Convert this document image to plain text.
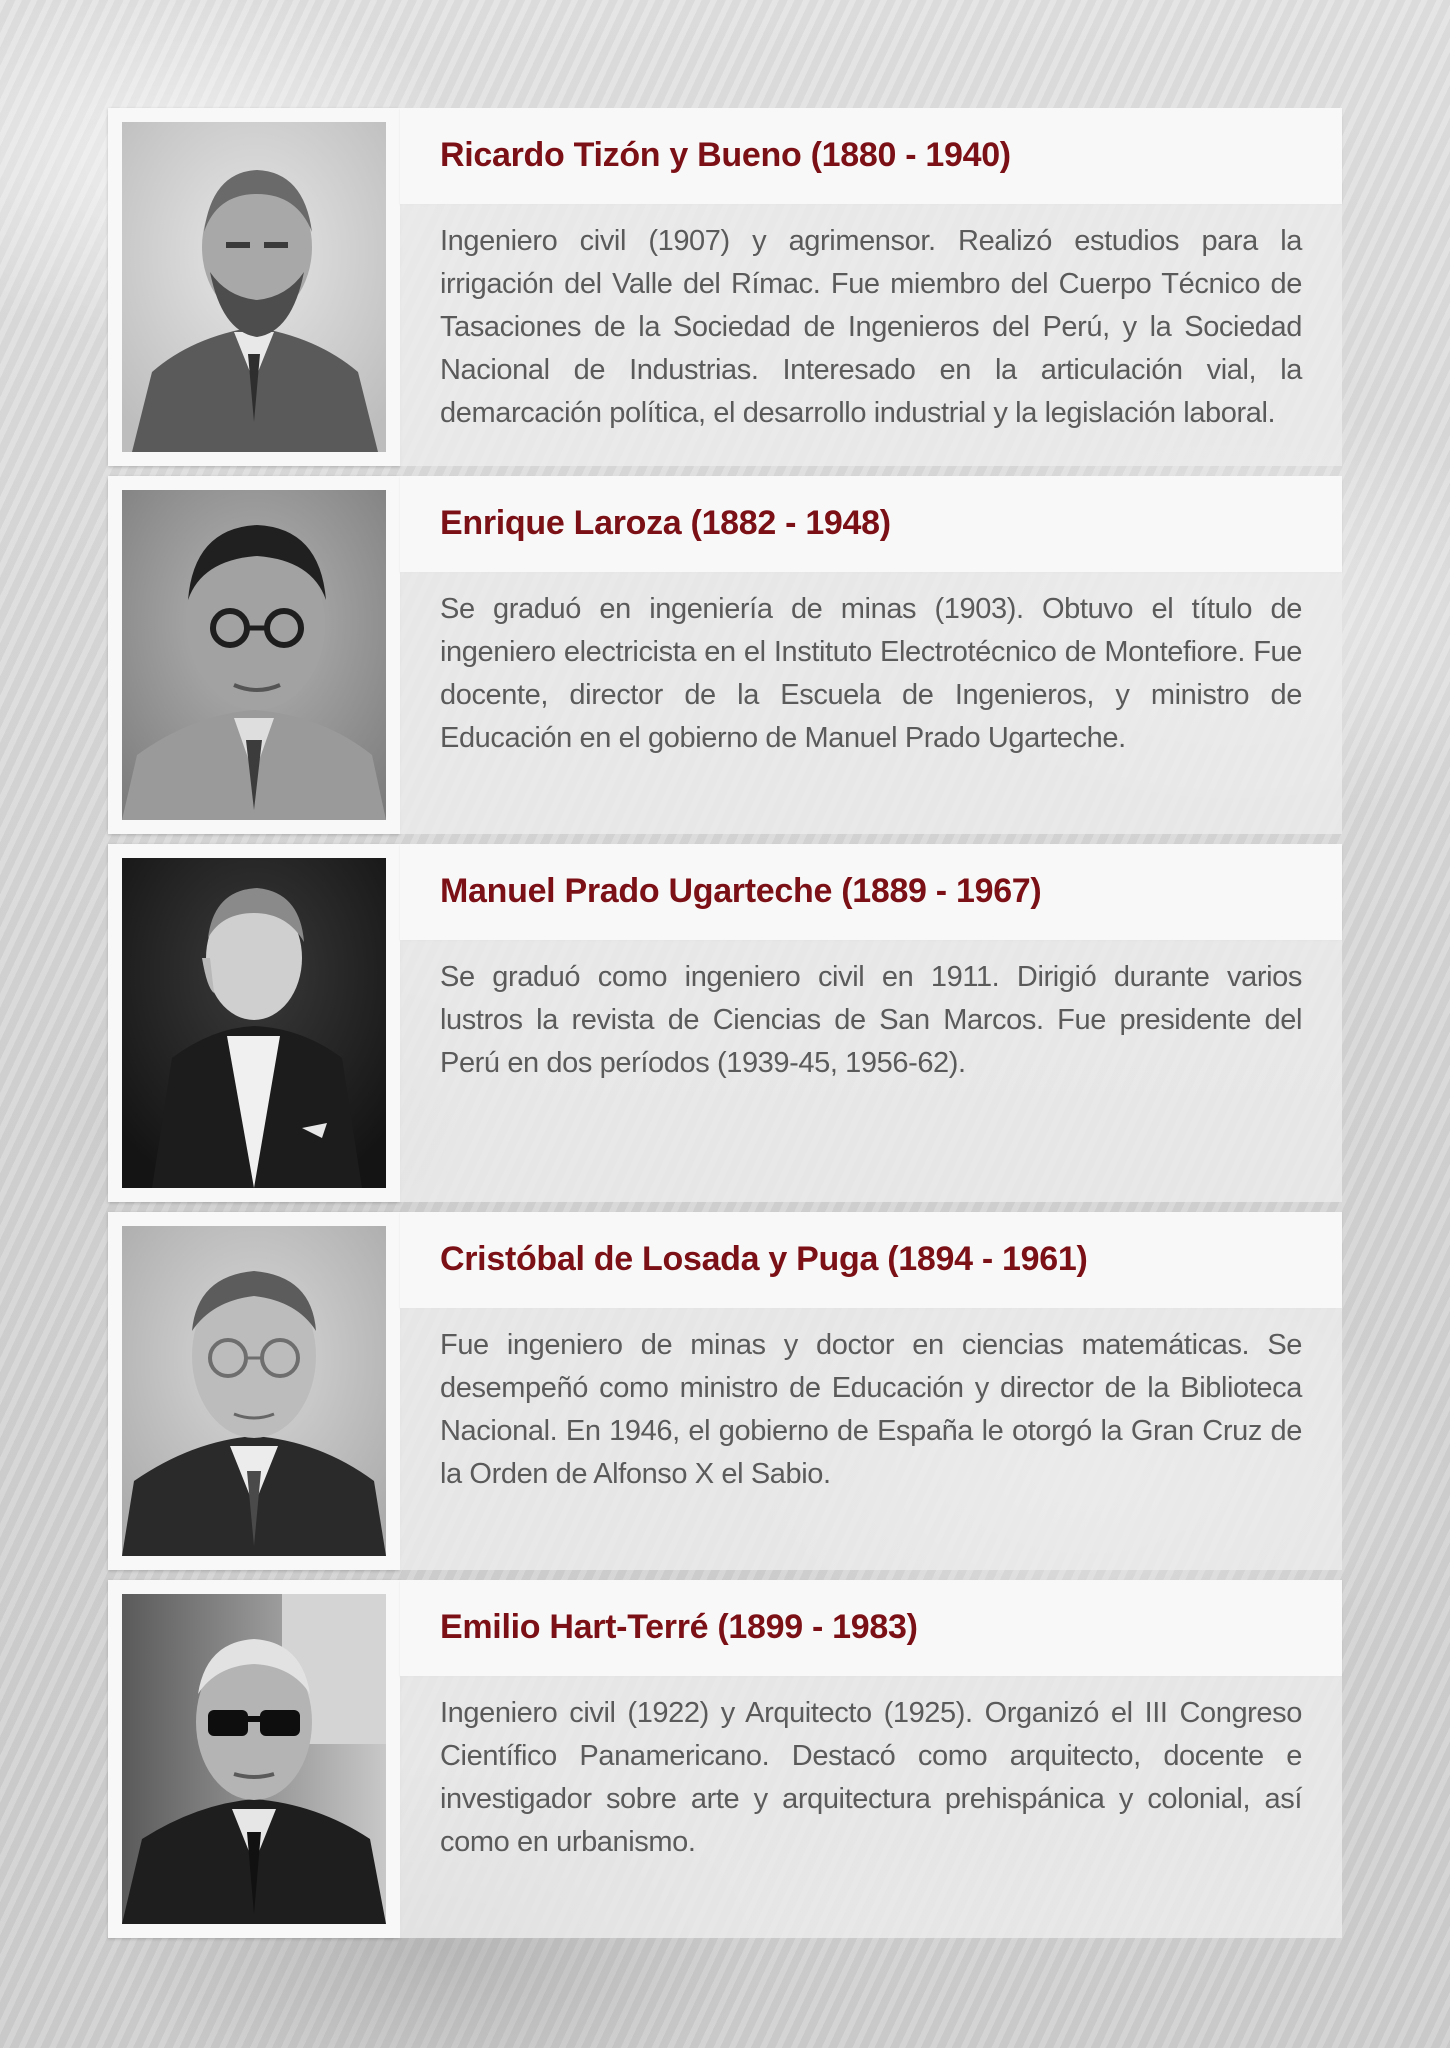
Ricardo Tizón y Bueno (1880 - 1940)

Ingeniero civil (1907) y agrimensor. Realizó estudios para la irrigación del Valle del Rímac. Fue miembro del Cuerpo Técnico de Tasaciones de la Sociedad de Ingenieros del Perú, y la Sociedad Nacional de Industrias. Interesado en la articulación vial, la demarcación política, el desarrollo industrial y la legislación laboral.

Enrique Laroza (1882 - 1948)

Se graduó en ingeniería de minas (1903). Obtuvo el título de ingeniero electricista en el Instituto Electrotécnico de Montefiore. Fue docente, director de la Escuela de Ingenieros, y ministro de Educación en el gobierno de Manuel Prado Ugarteche.

Manuel Prado Ugarteche (1889 - 1967)

Se graduó como ingeniero civil en 1911. Dirigió durante varios lustros la revista de Ciencias de San Marcos. Fue presidente del Perú en dos períodos (1939-45, 1956-62).

Cristóbal de Losada y Puga (1894 - 1961)

Fue ingeniero de minas y doctor en ciencias matemáticas. Se desempeñó como ministro de Educación y director de la Biblioteca Nacional. En 1946, el gobierno de España le otorgó la Gran Cruz de la Orden de Alfonso X el Sabio.

Emilio Hart-Terré (1899 - 1983)

Ingeniero civil (1922) y Arquitecto (1925). Organizó el III Congreso Científico Panamericano. Destacó como arquitecto, docente e investigador sobre arte y arquitectura prehispánica y colonial, así como en urbanismo.
